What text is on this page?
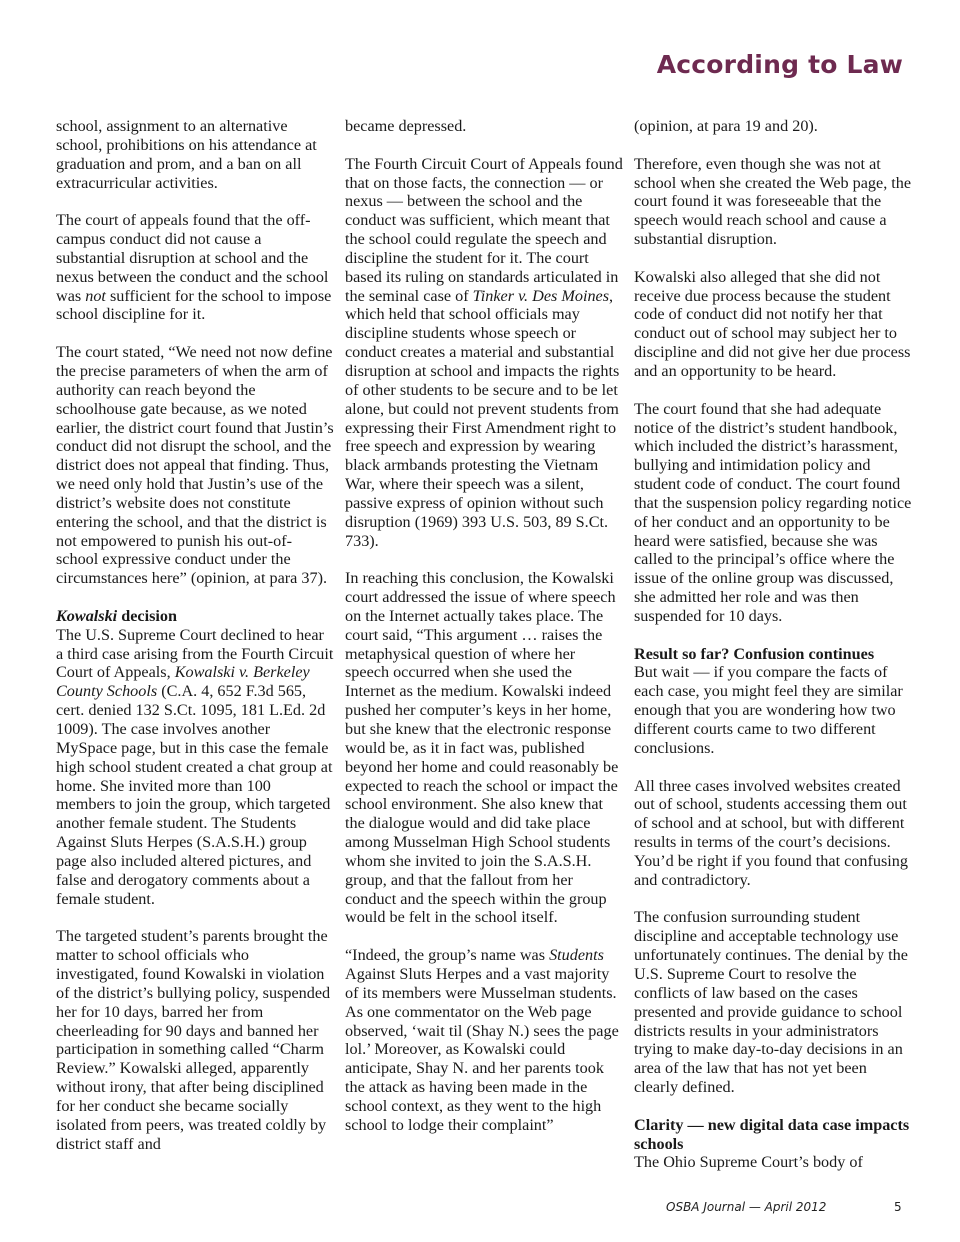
According to Law

school, assignment to an alternative school, prohibitions on his attendance at graduation and prom, and a ban on all extracurricular activities.

The court of appeals found that the off-campus conduct did not cause a substantial disruption at school and the nexus between the conduct and the school was not sufficient for the school to impose school discipline for it.

The court stated, “We need not now define the precise parameters of when the arm of authority can reach beyond the schoolhouse gate because, as we noted earlier, the district court found that Justin’s conduct did not disrupt the school, and the district does not appeal that finding. Thus, we need only hold that Justin’s use of the district’s website does not constitute entering the school, and that the district is not empowered to punish his out-of-school expressive conduct under the circumstances here” (opinion, at para 37).

Kowalski decision

The U.S. Supreme Court declined to hear a third case arising from the Fourth Circuit Court of Appeals, Kowalski v. Berkeley County Schools (C.A. 4, 652 F.3d 565, cert. denied 132 S.Ct. 1095, 181 L.Ed. 2d 1009). The case involves another MySpace page, but in this case the female high school student created a chat group at home. She invited more than 100 members to join the group, which targeted another female student. The Students Against Sluts Herpes (S.A.S.H.) group page also included altered pictures, and false and derogatory comments about a female student.

The targeted student’s parents brought the matter to school officials who investigated, found Kowalski in violation of the district’s bullying policy, suspended her for 10 days, barred her from cheerleading for 90 days and banned her participation in something called “Charm Review.” Kowalski alleged, apparently without irony, that after being disciplined for her conduct she became socially isolated from peers, was treated coldly by district staff and

became depressed.

The Fourth Circuit Court of Appeals found that on those facts, the connection — or nexus — between the school and the conduct was sufficient, which meant that the school could regulate the speech and discipline the student for it. The court based its ruling on standards articulated in the seminal case of Tinker v. Des Moines, which held that school officials may discipline students whose speech or conduct creates a material and substantial disruption at school and impacts the rights of other students to be secure and to be let alone, but could not prevent students from expressing their First Amendment right to free speech and expression by wearing black armbands protesting the Vietnam War, where their speech was a silent, passive express of opinion without such disruption (1969) 393 U.S. 503, 89 S.Ct. 733).

In reaching this conclusion, the Kowalski court addressed the issue of where speech on the Internet actually takes place. The court said, “This argument … raises the metaphysical question of where her speech occurred when she used the Internet as the medium. Kowalski indeed pushed her computer’s keys in her home, but she knew that the electronic response would be, as it in fact was, published beyond her home and could reasonably be expected to reach the school or impact the school environment. She also knew that the dialogue would and did take place among Musselman High School students whom she invited to join the S.A.S.H. group, and that the fallout from her conduct and the speech within the group would be felt in the school itself.

“Indeed, the group’s name was Students Against Sluts Herpes and a vast majority of its members were Musselman students. As one commentator on the Web page observed, ‘wait til (Shay N.) sees the page lol.’ Moreover, as Kowalski could anticipate, Shay N. and her parents took the attack as having been made in the school context, as they went to the high school to lodge their complaint”

(opinion, at para 19 and 20).

Therefore, even though she was not at school when she created the Web page, the court found it was foreseeable that the speech would reach school and cause a substantial disruption.

Kowalski also alleged that she did not receive due process because the student code of conduct did not notify her that conduct out of school may subject her to discipline and did not give her due process and an opportunity to be heard.

The court found that she had adequate notice of the district’s student handbook, which included the district’s harassment, bullying and intimidation policy and student code of conduct. The court found that the suspension policy regarding notice of her conduct and an opportunity to be heard were satisfied, because she was called to the principal’s office where the issue of the online group was discussed, she admitted her role and was then suspended for 10 days.

Result so far? Confusion continues

But wait — if you compare the facts of each case, you might feel they are similar enough that you are wondering how two different courts came to two different conclusions.

All three cases involved websites created out of school, students accessing them out of school and at school, but with different results in terms of the court’s decisions. You’d be right if you found that confusing and contradictory.

The confusion surrounding student discipline and acceptable technology use unfortunately continues. The denial by the U.S. Supreme Court to resolve the conflicts of law based on the cases presented and provide guidance to school districts results in your administrators trying to make day-to-day decisions in an area of the law that has not yet been clearly defined.

Clarity — new digital data case impacts schools

The Ohio Supreme Court’s body of

OSBA Journal — April 2012	5
